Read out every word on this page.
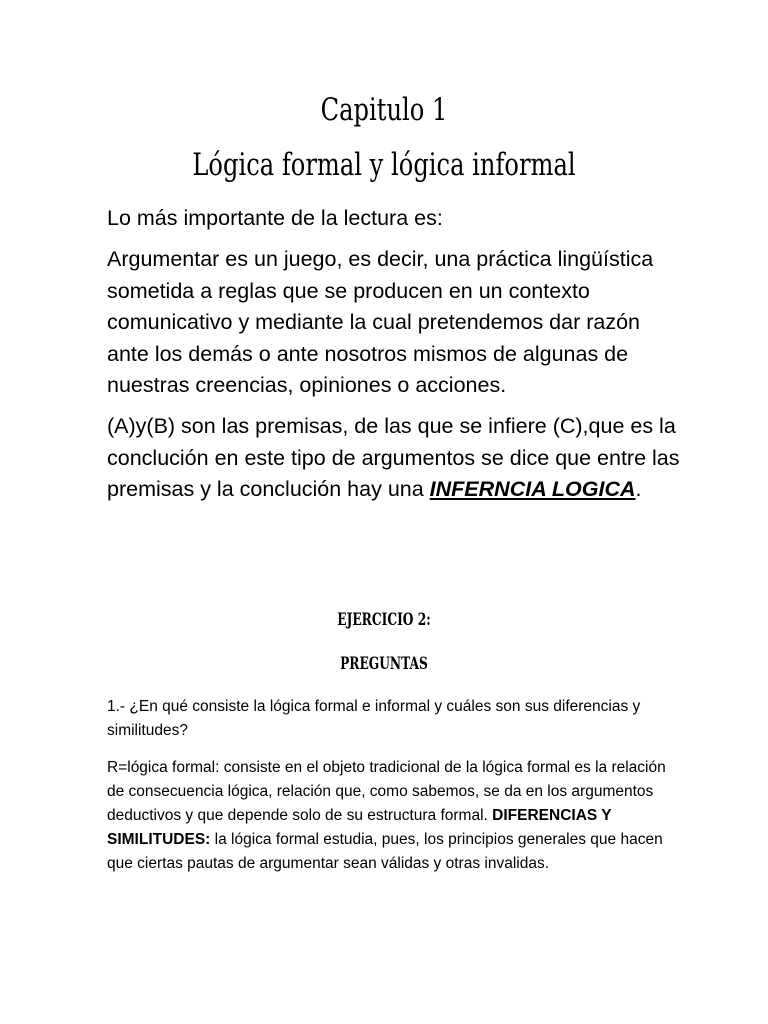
Capitulo 1
Lógica formal y lógica informal

Lo más importante de la lectura es:

Argumentar es un juego, es decir, una práctica lingüística sometida a reglas que se producen en un contexto comunicativo y mediante la cual pretendemos dar razón ante los demás o ante nosotros mismos de algunas de nuestras creencias, opiniones o acciones.

(A)y(B) son las premisas, de las que se infiere (C),que es la conclución en este tipo de argumentos se dice que entre las premisas y la conclución hay una INFERNCIA LOGICA.

EJERCICIO 2:
PREGUNTAS

1.- ¿En qué consiste la lógica formal e informal y cuáles son sus diferencias y similitudes?

R=lógica formal: consiste en el objeto tradicional de la lógica formal es la relación de consecuencia lógica, relación que, como sabemos, se da en los argumentos deductivos y que depende solo de su estructura formal. DIFERENCIAS Y SIMILITUDES: la lógica formal estudia, pues, los principios generales que hacen que ciertas pautas de argumentar sean válidas y otras invalidas.
